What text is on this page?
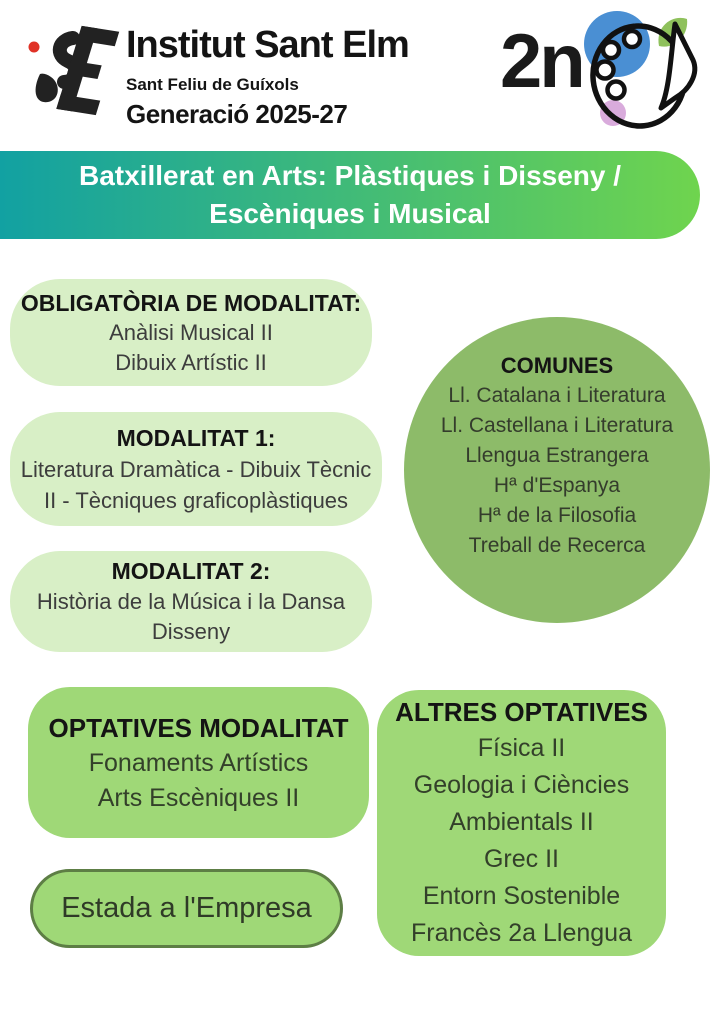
Institut Sant Elm
Sant Feliu de Guíxols
Generació 2025-27
2n
Batxillerat en Arts: Plàstiques i Disseny /
Escèniques i Musical
OBLIGATÒRIA DE MODALITAT:
Anàlisi Musical II
Dibuix Artístic II
MODALITAT 1:
Literatura Dramàtica - Dibuix Tècnic
II - Tècniques graficoplàstiques
MODALITAT 2:
Història de la Música i la Dansa
Disseny
COMUNES
Ll. Catalana i Literatura
Ll. Castellana i Literatura
Llengua Estrangera
Hª d'Espanya
Hª de la Filosofia
Treball de Recerca
OPTATIVES MODALITAT
Fonaments Artístics
Arts Escèniques II
ALTRES OPTATIVES
Física II
Geologia i Ciències
Ambientals II
Grec II
Entorn Sostenible
Francès 2a Llengua
Estada a l'Empresa
